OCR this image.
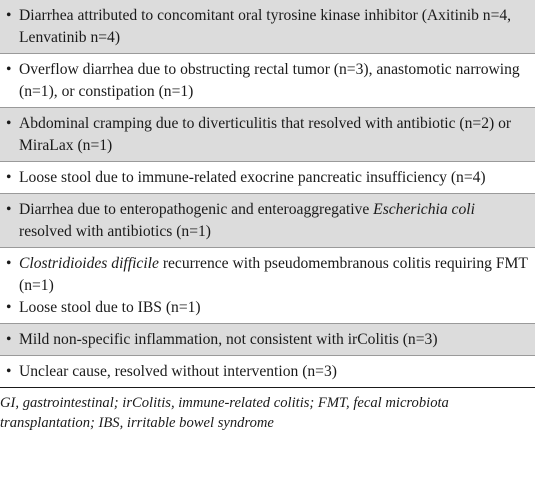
• Diarrhea attributed to concomitant oral tyrosine kinase inhibitor (Axitinib n=4, Lenvatinib n=4)
• Overflow diarrhea due to obstructing rectal tumor (n=3), anastomotic narrowing (n=1), or constipation (n=1)
• Abdominal cramping due to diverticulitis that resolved with antibiotic (n=2) or MiraLax (n=1)
• Loose stool due to immune-related exocrine pancreatic insufficiency (n=4)
• Diarrhea due to enteropathogenic and enteroaggregative Escherichia coli resolved with antibiotics (n=1)
• Clostridioides difficile recurrence with pseudomembranous colitis requiring FMT (n=1)
• Loose stool due to IBS (n=1)
• Mild non-specific inflammation, not consistent with irColitis (n=3)
• Unclear cause, resolved without intervention (n=3)
GI, gastrointestinal; irColitis, immune-related colitis; FMT, fecal microbiota transplantation; IBS, irritable bowel syndrome
